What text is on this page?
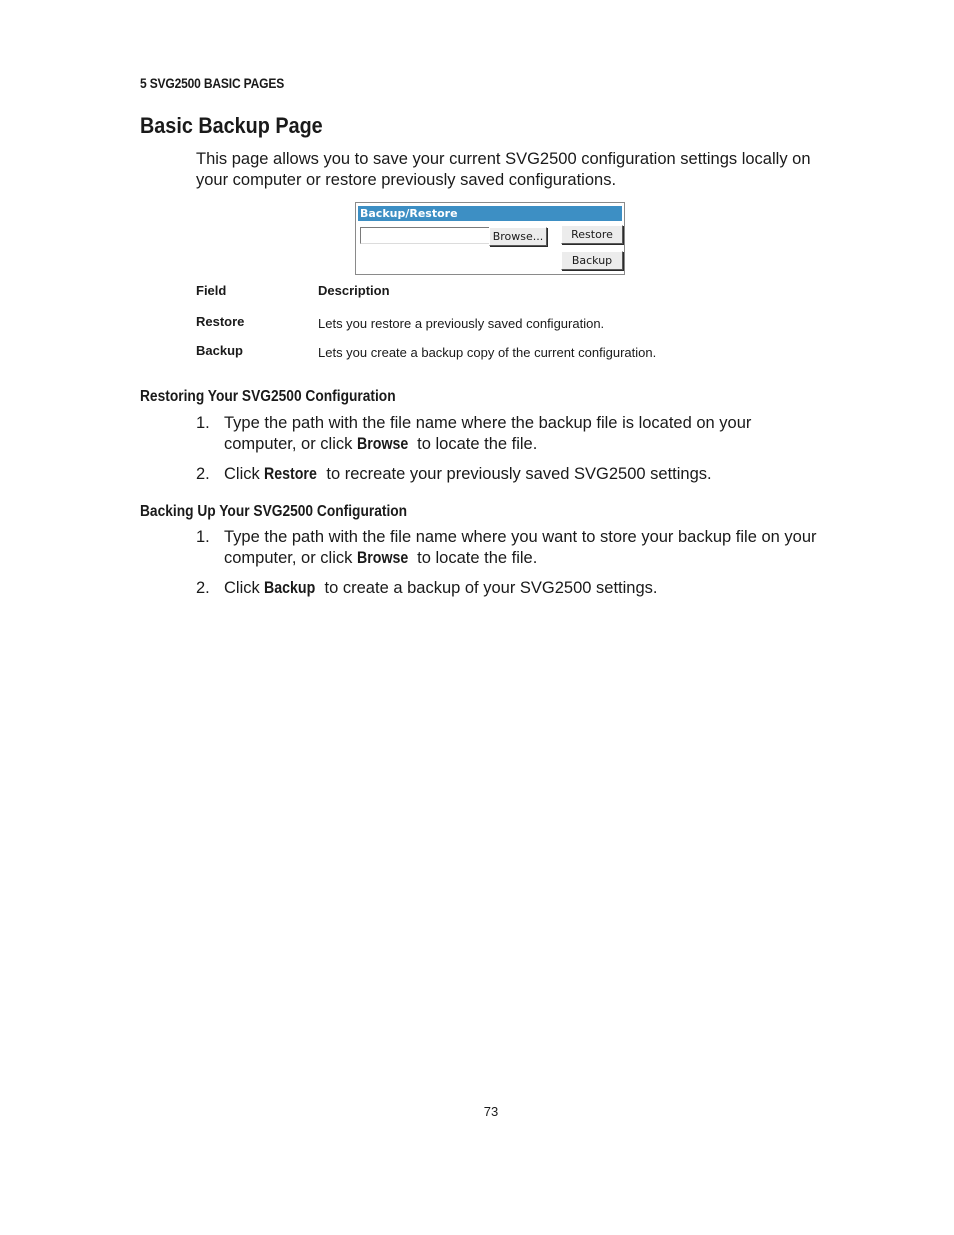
5 SVG2500 BASIC PAGES
Basic Backup Page

This page allows you to save your current SVG2500 configuration settings locally on your computer or restore previously saved configurations.

Backup/Restore
Browse...	Restore
Backup
Field	Description
Restore	Lets you restore a previously saved configuration.
Backup	Lets you create a backup copy of the current configuration.
Restoring Your SVG2500 Configuration
1. Type the path with the file name where the backup file is located on your computer, or click Browse to locate the file.
2. Click Restore to recreate your previously saved SVG2500 settings.
Backing Up Your SVG2500 Configuration
1. Type the path with the file name where you want to store your backup file on your computer, or click Browse to locate the file.
2. Click Backup to create a backup of your SVG2500 settings.
73
